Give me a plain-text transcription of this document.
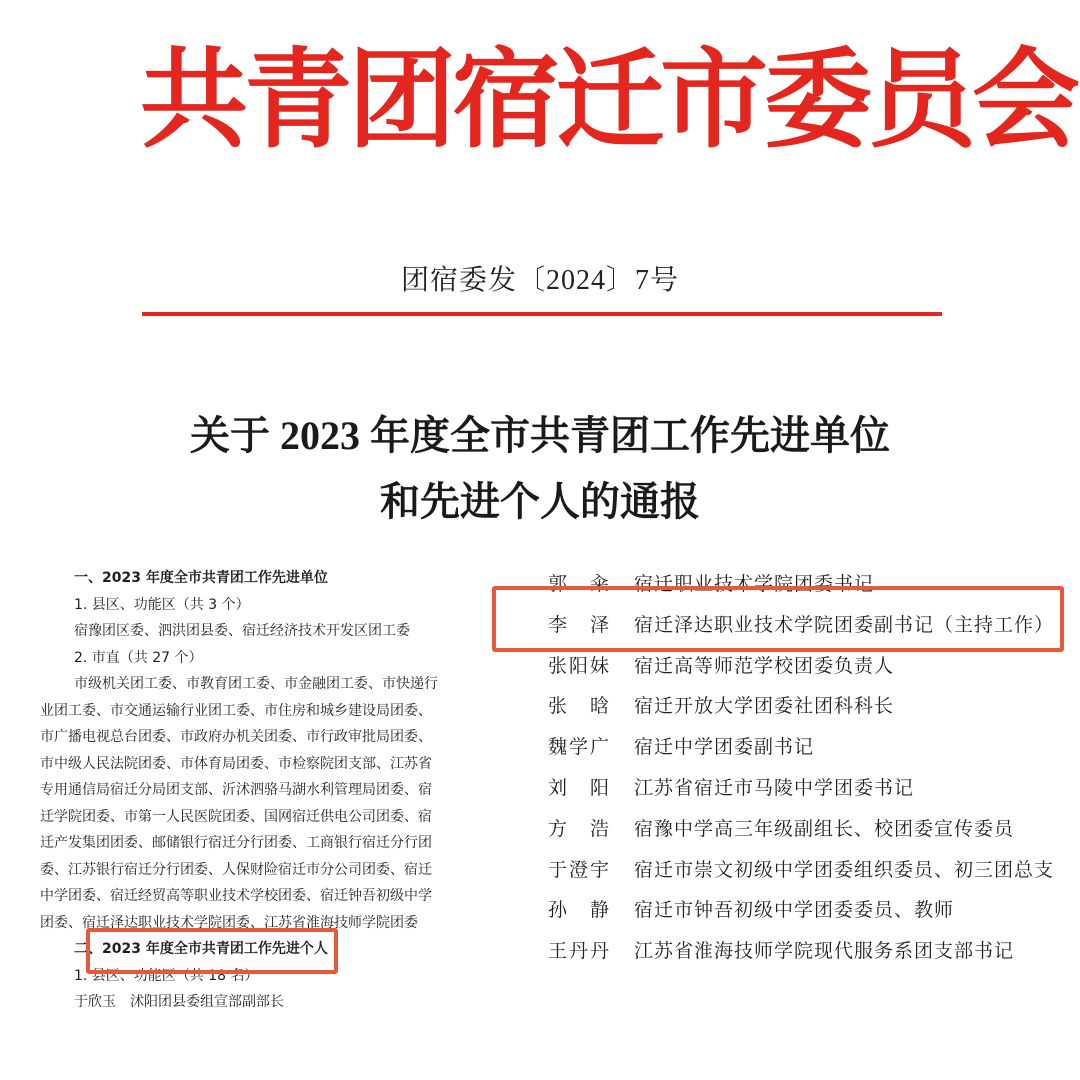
共青团宿迁市委员会
团宿委发〔2024〕7号
关于 2023 年度全市共青团工作先进单位
和先进个人的通报
一、2023 年度全市共青团工作先进单位
1. 县区、功能区（共 3 个）
宿豫团区委、泗洪团县委、宿迁经济技术开发区团工委
2. 市直（共 27 个）
市级机关团工委、市教育团工委、市金融团工委、市快递行
业团工委、市交通运输行业团工委、市住房和城乡建设局团委、
市广播电视总台团委、市政府办机关团委、市行政审批局团委、
市中级人民法院团委、市体育局团委、市检察院团支部、江苏省
专用通信局宿迁分局团支部、沂沭泗骆马湖水利管理局团委、宿
迁学院团委、市第一人民医院团委、国网宿迁供电公司团委、宿
迁产发集团团委、邮储银行宿迁分行团委、工商银行宿迁分行团
委、江苏银行宿迁分行团委、人保财险宿迁市分公司团委、宿迁
中学团委、宿迁经贸高等职业技术学校团委、宿迁钟吾初级中学
团委、宿迁泽达职业技术学院团委、江苏省淮海技师学院团委
二、2023 年度全市共青团工作先进个人
1. 县区、功能区（共 18 名）
于欣玉　沭阳团县委组宣部副部长
郭　籴	宿迁职业技术学院团委书记
李　泽	宿迁泽达职业技术学院团委副书记（主持工作）
张阳妹	宿迁高等师范学校团委负责人
张　晗	宿迁开放大学团委社团科科长
魏学广	宿迁中学团委副书记
刘　阳	江苏省宿迁市马陵中学团委书记
方　浩	宿豫中学高三年级副组长、校团委宣传委员
于澄宇	宿迁市崇文初级中学团委组织委员、初三团总支
孙　静	宿迁市钟吾初级中学团委委员、教师
王丹丹	江苏省淮海技师学院现代服务系团支部书记
